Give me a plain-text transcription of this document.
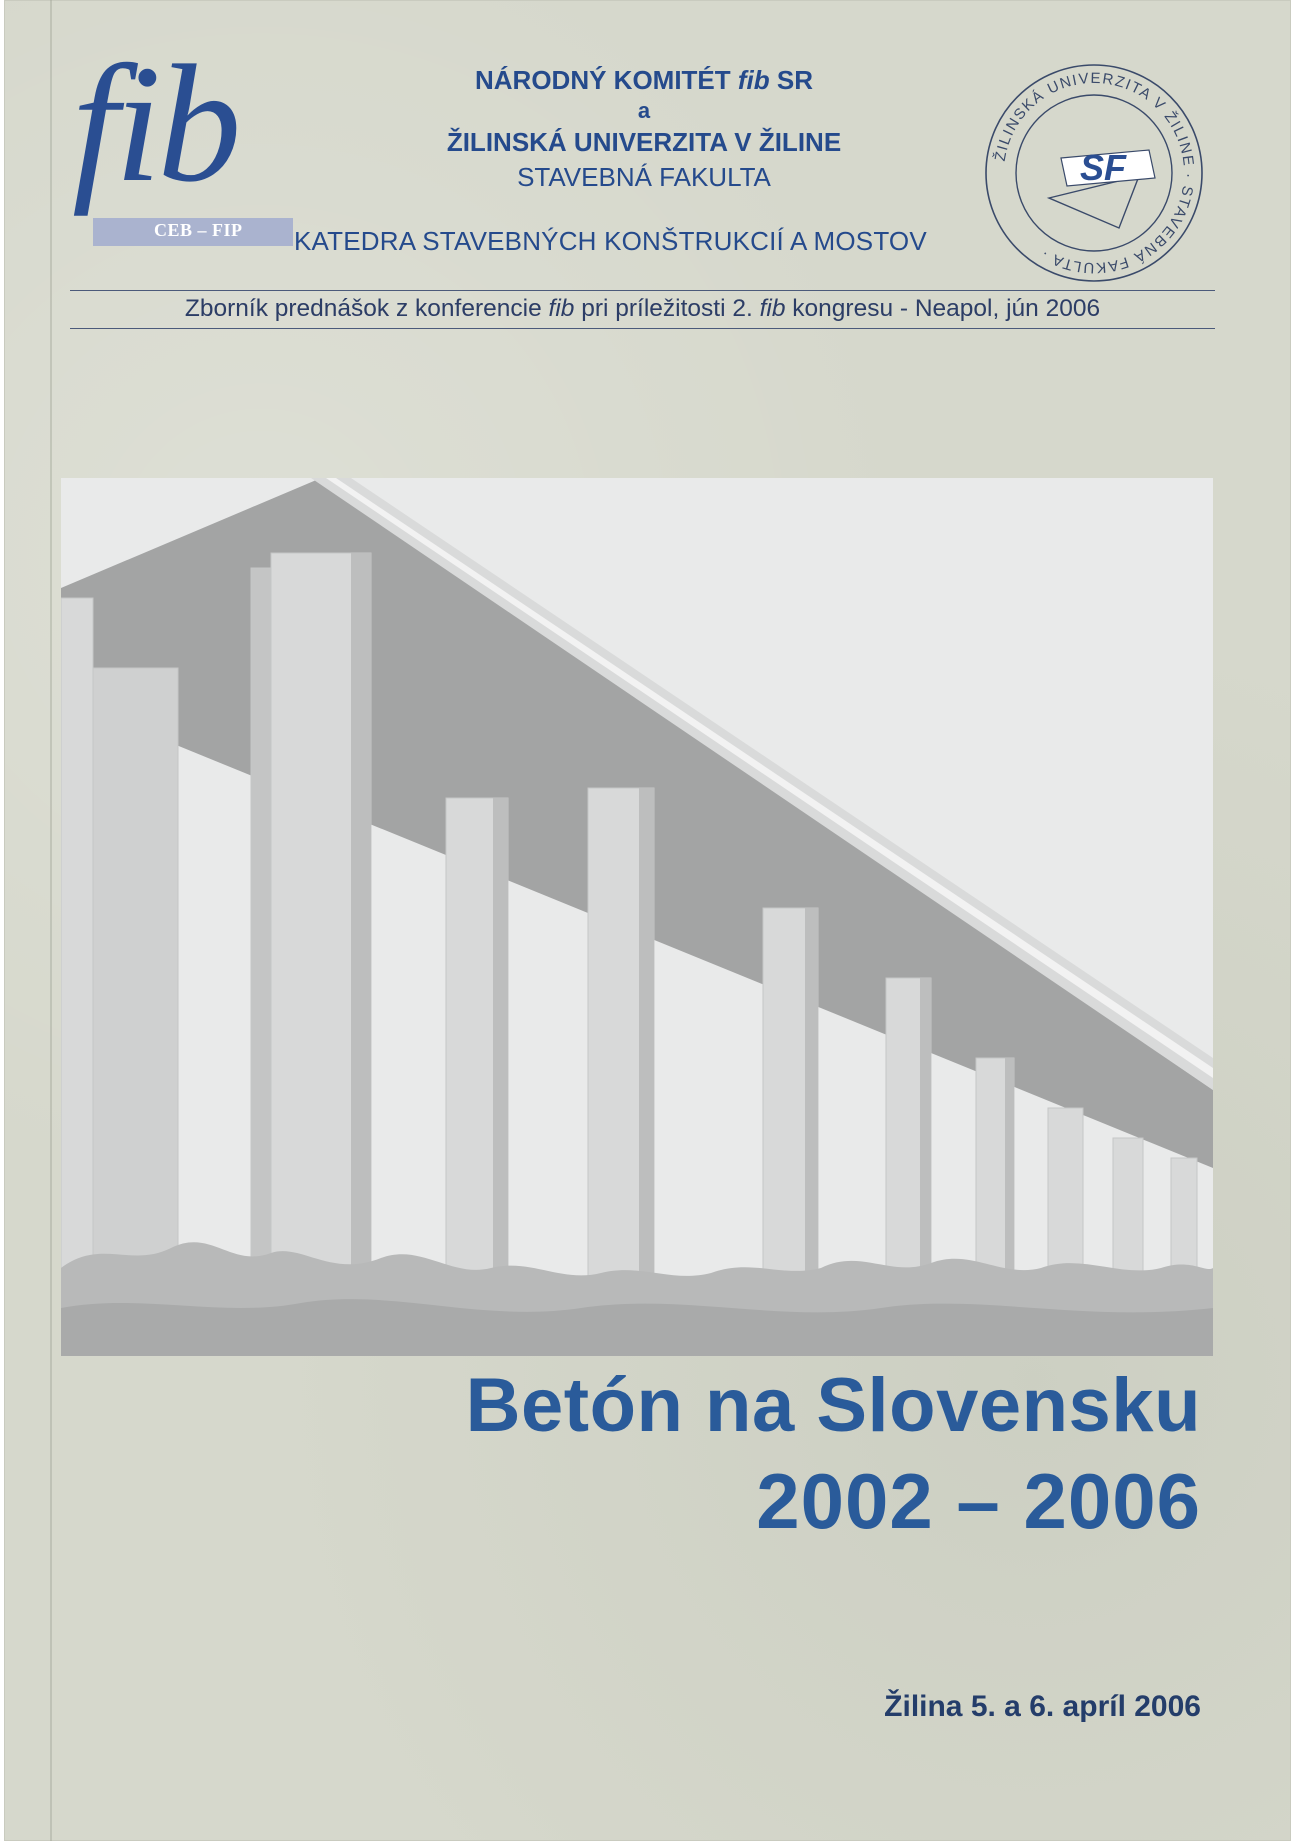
fib
CEB – FIP
NÁRODNÝ KOMITÉT fib SR
a
ŽILINSKÁ UNIVERZITA V ŽILINE
STAVEBNÁ FAKULTA
KATEDRA STAVEBNÝCH KONŠTRUKCIÍ A MOSTOV
ŽILINSKÁ UNIVERZITA V ŽILINE · STAVEBNÁ FAKULTA ·
SF
Zborník prednášok z konferencie fib pri príležitosti 2. fib kongresu - Neapol, jún 2006
Betón na Slovensku
2002 – 2006
Žilina 5. a 6. apríl 2006
